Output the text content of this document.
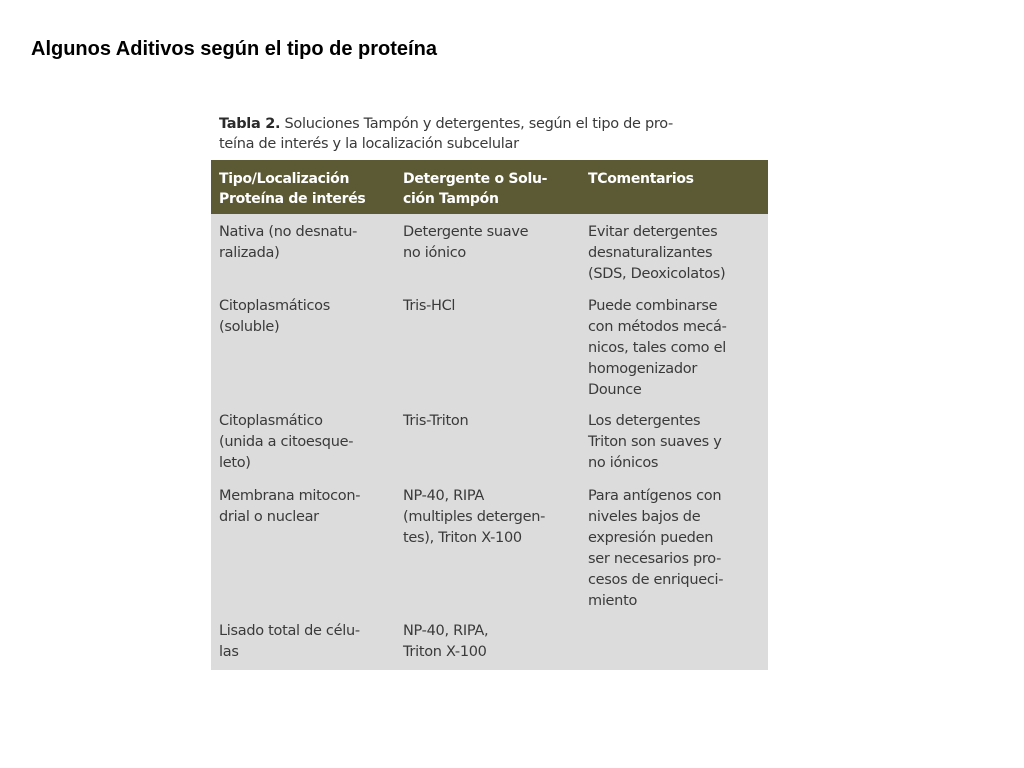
Algunos Aditivos según el tipo de proteína
Tabla 2. Soluciones Tampón y detergentes, según el tipo de pro-
teína de interés y la localización subcelular
Tipo/Localización
Proteína de interés
Detergente o Solu-
ción Tampón
TComentarios
Nativa (no desnatu-
ralizada)
Detergente suave
no iónico
Evitar detergentes
desnaturalizantes
(SDS, Deoxicolatos)
Citoplasmáticos
(soluble)
Tris-HCl	Puede combinarse
con métodos mecá-
nicos, tales como el
homogenizador
Dounce
Citoplasmático
(unida a citoesque-
leto)
Tris-Triton	Los detergentes
Triton son suaves y
no iónicos
Membrana mitocon-
drial o nuclear
NP-40, RIPA
(multiples detergen-
tes), Triton X-100
Para antígenos con
niveles bajos de
expresión pueden
ser necesarios pro-
cesos de enriqueci-
miento
Lisado total de célu-
las
NP-40, RIPA,
Triton X-100
